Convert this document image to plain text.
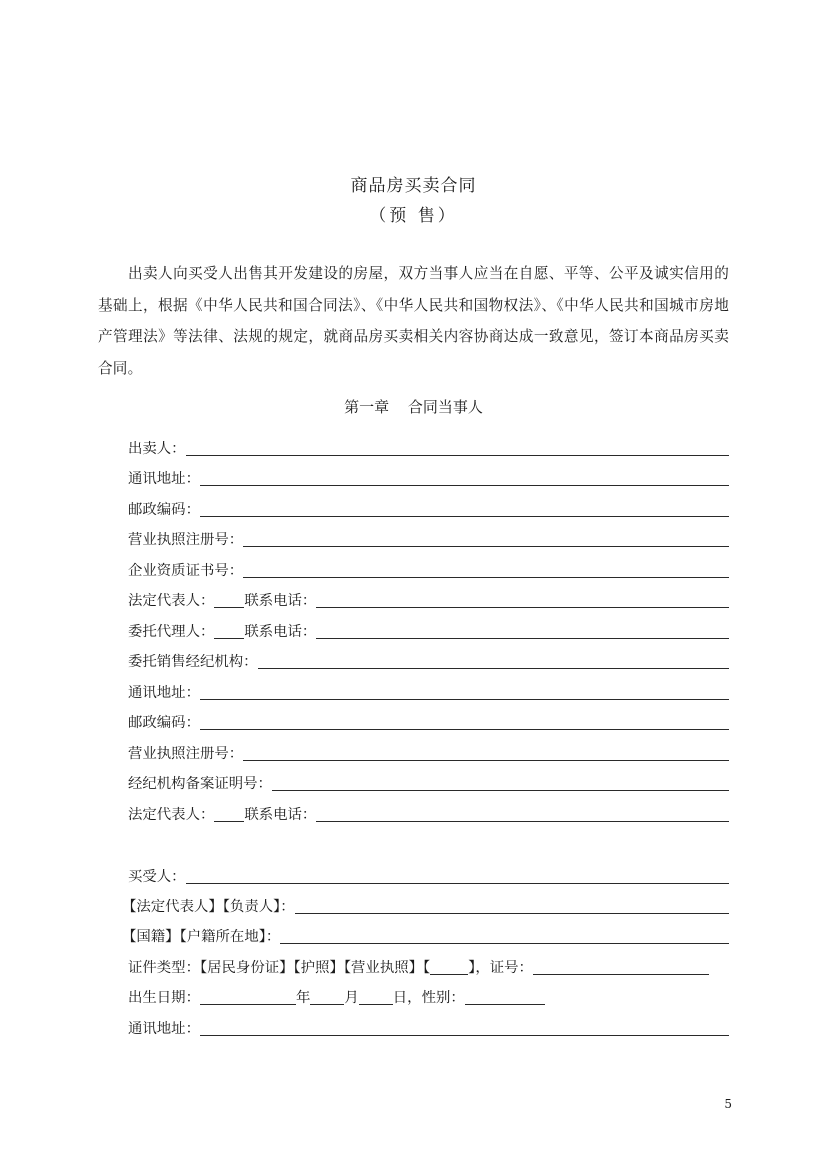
商品房买卖合同
（预 售）
出卖人向买受人出售其开发建设的房屋，双方当事人应当在自愿、平等、公平及诚实信用的基础上，根据《中华人民共和国合同法》、《中华人民共和国物权法》、《中华人民共和国城市房地产管理法》等法律、法规的规定，就商品房买卖相关内容协商达成一致意见，签订本商品房买卖合同。
第一章 合同当事人
出卖人：
通讯地址：
邮政编码：
营业执照注册号：
企业资质证书号：
法定代表人： 联系电话：
委托代理人： 联系电话：
委托销售经纪机构：
通讯地址：
邮政编码：
营业执照注册号：
经纪机构备案证明号：
法定代表人： 联系电话：
买受人：
【法定代表人】【负责人】：
【国籍】【户籍所在地】：
证件类型：【居民身份证】【护照】【营业执照】【	】，证号：
出生日期：	年 月 日，性别：
通讯地址：
5
